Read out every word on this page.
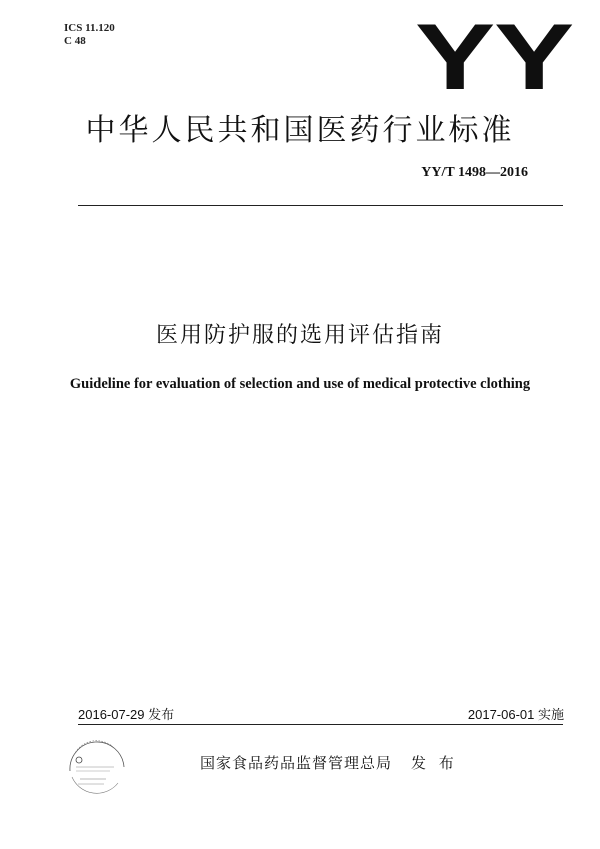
ICS 11.120
C 48	YY
中华人民共和国医药行业标准
YY/T 1498—2016
医用防护服的选用评估指南
Guideline for evaluation of selection and use of medical protective clothing
2016-07-29 发布	2017-06-01 实施
国家食品药品监督管理总局 发 布
